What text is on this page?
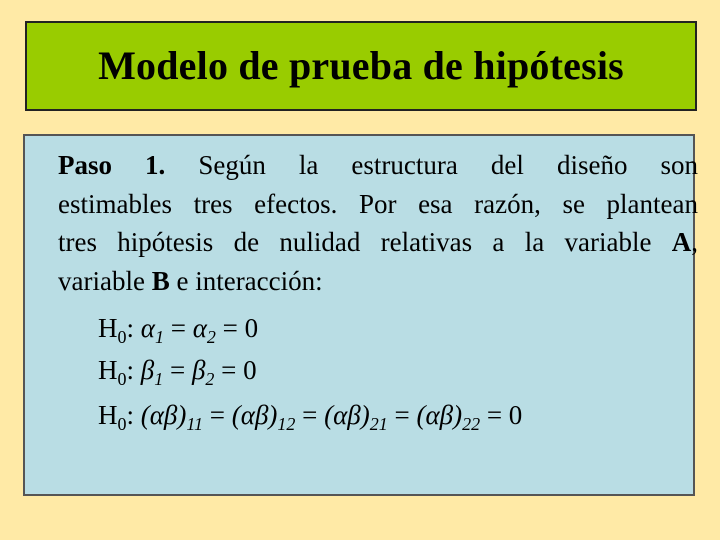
Modelo de prueba de hipótesis
Paso 1. Según la estructura del diseño son
estimables tres efectos. Por esa razón, se plantean
tres hipótesis de nulidad relativas a la variable A,
variable B e interacción:
$H_0$: $\alpha_1 = \alpha_2 = 0$
$H_0$: $\beta_1 = \beta_2 = 0$
$H_0$: $(\alpha\beta)_{11} = (\alpha\beta)_{12} = (\alpha\beta)_{21} = (\alpha\beta)_{22} = 0$
